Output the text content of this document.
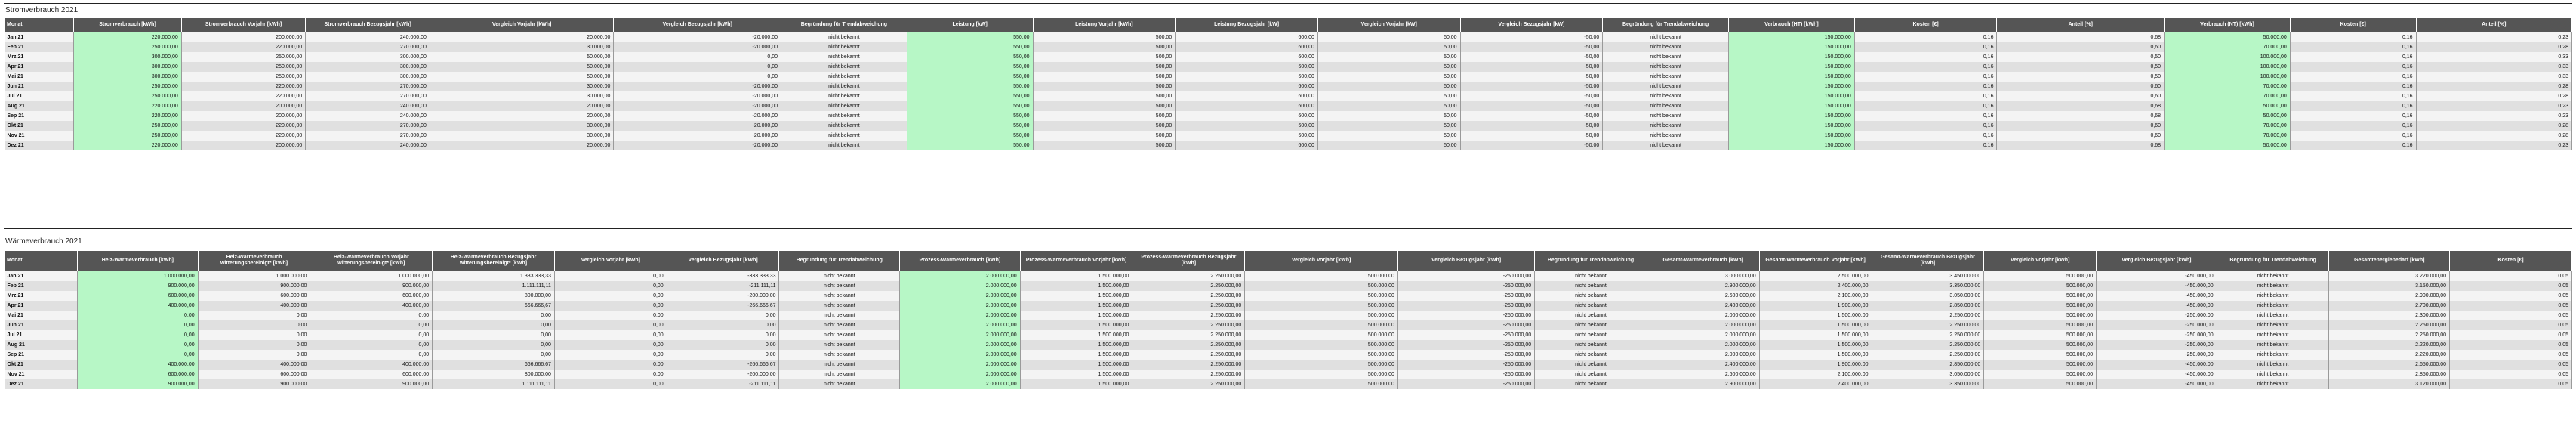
Stromverbrauch 2021
Monat	Stromverbrauch [kWh]	Stromverbrauch Vorjahr [kWh]	Stromverbrauch Bezugsjahr [kWh]	Vergleich Vorjahr [kWh]	Vergleich Bezugsjahr [kWh]	Begründung für Trendabweichung	Leistung [kW]	Leistung Vorjahr [kWh]	Leistung Bezugsjahr [kW]	Vergleich Vorjahr [kW]	Vergleich Bezugsjahr [kW]	Begründung für Trendabweichung	Verbrauch (HT) [kWh]	Kosten [€]	Anteil [%]	Verbrauch (NT) [kWh]	Kosten [€]	Anteil [%]
Jan 21	220.000,00	200.000,00	240.000,00	20.000,00	-20.000,00	nicht bekannt	550,00	500,00	600,00	50,00	-50,00	nicht bekannt	150.000,00	0,16	0,68	50.000,00	0,16	0,23
Feb 21	250.000,00	220.000,00	270.000,00	30.000,00	-20.000,00	nicht bekannt	550,00	500,00	600,00	50,00	-50,00	nicht bekannt	150.000,00	0,16	0,60	70.000,00	0,16	0,28
Mrz 21	300.000,00	250.000,00	300.000,00	50.000,00	0,00	nicht bekannt	550,00	500,00	600,00	50,00	-50,00	nicht bekannt	150.000,00	0,16	0,50	100.000,00	0,16	0,33
Apr 21	300.000,00	250.000,00	300.000,00	50.000,00	0,00	nicht bekannt	550,00	500,00	600,00	50,00	-50,00	nicht bekannt	150.000,00	0,16	0,50	100.000,00	0,16	0,33
Mai 21	300.000,00	250.000,00	300.000,00	50.000,00	0,00	nicht bekannt	550,00	500,00	600,00	50,00	-50,00	nicht bekannt	150.000,00	0,16	0,50	100.000,00	0,16	0,33
Jun 21	250.000,00	220.000,00	270.000,00	30.000,00	-20.000,00	nicht bekannt	550,00	500,00	600,00	50,00	-50,00	nicht bekannt	150.000,00	0,16	0,60	70.000,00	0,16	0,28
Jul 21	250.000,00	220.000,00	270.000,00	30.000,00	-20.000,00	nicht bekannt	550,00	500,00	600,00	50,00	-50,00	nicht bekannt	150.000,00	0,16	0,60	70.000,00	0,16	0,28
Aug 21	220.000,00	200.000,00	240.000,00	20.000,00	-20.000,00	nicht bekannt	550,00	500,00	600,00	50,00	-50,00	nicht bekannt	150.000,00	0,16	0,68	50.000,00	0,16	0,23
Sep 21	220.000,00	200.000,00	240.000,00	20.000,00	-20.000,00	nicht bekannt	550,00	500,00	600,00	50,00	-50,00	nicht bekannt	150.000,00	0,16	0,68	50.000,00	0,16	0,23
Okt 21	250.000,00	220.000,00	270.000,00	30.000,00	-20.000,00	nicht bekannt	550,00	500,00	600,00	50,00	-50,00	nicht bekannt	150.000,00	0,16	0,60	70.000,00	0,16	0,28
Nov 21	250.000,00	220.000,00	270.000,00	30.000,00	-20.000,00	nicht bekannt	550,00	500,00	600,00	50,00	-50,00	nicht bekannt	150.000,00	0,16	0,60	70.000,00	0,16	0,28
Dez 21	220.000,00	200.000,00	240.000,00	20.000,00	-20.000,00	nicht bekannt	550,00	500,00	600,00	50,00	-50,00	nicht bekannt	150.000,00	0,16	0,68	50.000,00	0,16	0,23
Wärmeverbrauch 2021
Monat	Heiz-Wärmeverbrauch [kWh]	Heiz-Wärmeverbrauch witterungsbereinigt* [kWh]	Heiz-Wärmeverbrauch Vorjahr witterungsbereinigt* [kWh]	Heiz-Wärmeverbrauch Bezugsjahr witterungsbereinigt* [kWh]	Vergleich Vorjahr [kWh]	Vergleich Bezugsjahr [kWh]	Begründung für Trendabweichung	Prozess-Wärmeverbrauch [kWh]	Prozess-Wärmeverbrauch Vorjahr [kWh]	Prozess-Wärmeverbrauch Bezugsjahr [kWh]	Vergleich Vorjahr [kWh]	Vergleich Bezugsjahr [kWh]	Begründung für Trendabweichung	Gesamt-Wärmeverbrauch [kWh]	Gesamt-Wärmeverbrauch Vorjahr [kWh]	Gesamt-Wärmeverbrauch Bezugsjahr [kWh]	Vergleich Vorjahr [kWh]	Vergleich Bezugsjahr [kWh]	Begründung für Trendabweichung	Gesamtenergiebedarf [kWh]	Kosten [€]
Jan 21	1.000.000,00	1.000.000,00	1.000.000,00	1.333.333,33	0,00	-333.333,33	nicht bekannt	2.000.000,00	1.500.000,00	2.250.000,00	500.000,00	-250.000,00	nicht bekannt	3.000.000,00	2.500.000,00	3.450.000,00	500.000,00	-450.000,00	nicht bekannt	3.220.000,00	0,05
Feb 21	900.000,00	900.000,00	900.000,00	1.111.111,11	0,00	-211.111,11	nicht bekannt	2.000.000,00	1.500.000,00	2.250.000,00	500.000,00	-250.000,00	nicht bekannt	2.900.000,00	2.400.000,00	3.350.000,00	500.000,00	-450.000,00	nicht bekannt	3.150.000,00	0,05
Mrz 21	600.000,00	600.000,00	600.000,00	800.000,00	0,00	-200.000,00	nicht bekannt	2.000.000,00	1.500.000,00	2.250.000,00	500.000,00	-250.000,00	nicht bekannt	2.600.000,00	2.100.000,00	3.050.000,00	500.000,00	-450.000,00	nicht bekannt	2.900.000,00	0,05
Apr 21	400.000,00	400.000,00	400.000,00	666.666,67	0,00	-266.666,67	nicht bekannt	2.000.000,00	1.500.000,00	2.250.000,00	500.000,00	-250.000,00	nicht bekannt	2.400.000,00	1.900.000,00	2.850.000,00	500.000,00	-450.000,00	nicht bekannt	2.700.000,00	0,05
Mai 21	0,00	0,00	0,00	0,00	0,00	0,00	nicht bekannt	2.000.000,00	1.500.000,00	2.250.000,00	500.000,00	-250.000,00	nicht bekannt	2.000.000,00	1.500.000,00	2.250.000,00	500.000,00	-250.000,00	nicht bekannt	2.300.000,00	0,05
Jun 21	0,00	0,00	0,00	0,00	0,00	0,00	nicht bekannt	2.000.000,00	1.500.000,00	2.250.000,00	500.000,00	-250.000,00	nicht bekannt	2.000.000,00	1.500.000,00	2.250.000,00	500.000,00	-250.000,00	nicht bekannt	2.250.000,00	0,05
Jul 21	0,00	0,00	0,00	0,00	0,00	0,00	nicht bekannt	2.000.000,00	1.500.000,00	2.250.000,00	500.000,00	-250.000,00	nicht bekannt	2.000.000,00	1.500.000,00	2.250.000,00	500.000,00	-250.000,00	nicht bekannt	2.250.000,00	0,05
Aug 21	0,00	0,00	0,00	0,00	0,00	0,00	nicht bekannt	2.000.000,00	1.500.000,00	2.250.000,00	500.000,00	-250.000,00	nicht bekannt	2.000.000,00	1.500.000,00	2.250.000,00	500.000,00	-250.000,00	nicht bekannt	2.220.000,00	0,05
Sep 21	0,00	0,00	0,00	0,00	0,00	0,00	nicht bekannt	2.000.000,00	1.500.000,00	2.250.000,00	500.000,00	-250.000,00	nicht bekannt	2.000.000,00	1.500.000,00	2.250.000,00	500.000,00	-250.000,00	nicht bekannt	2.220.000,00	0,05
Okt 21	400.000,00	400.000,00	400.000,00	666.666,67	0,00	-266.666,67	nicht bekannt	2.000.000,00	1.500.000,00	2.250.000,00	500.000,00	-250.000,00	nicht bekannt	2.400.000,00	1.900.000,00	2.850.000,00	500.000,00	-450.000,00	nicht bekannt	2.650.000,00	0,05
Nov 21	600.000,00	600.000,00	600.000,00	800.000,00	0,00	-200.000,00	nicht bekannt	2.000.000,00	1.500.000,00	2.250.000,00	500.000,00	-250.000,00	nicht bekannt	2.600.000,00	2.100.000,00	3.050.000,00	500.000,00	-450.000,00	nicht bekannt	2.850.000,00	0,05
Dez 21	900.000,00	900.000,00	900.000,00	1.111.111,11	0,00	-211.111,11	nicht bekannt	2.000.000,00	1.500.000,00	2.250.000,00	500.000,00	-250.000,00	nicht bekannt	2.900.000,00	2.400.000,00	3.350.000,00	500.000,00	-450.000,00	nicht bekannt	3.120.000,00	0,05
